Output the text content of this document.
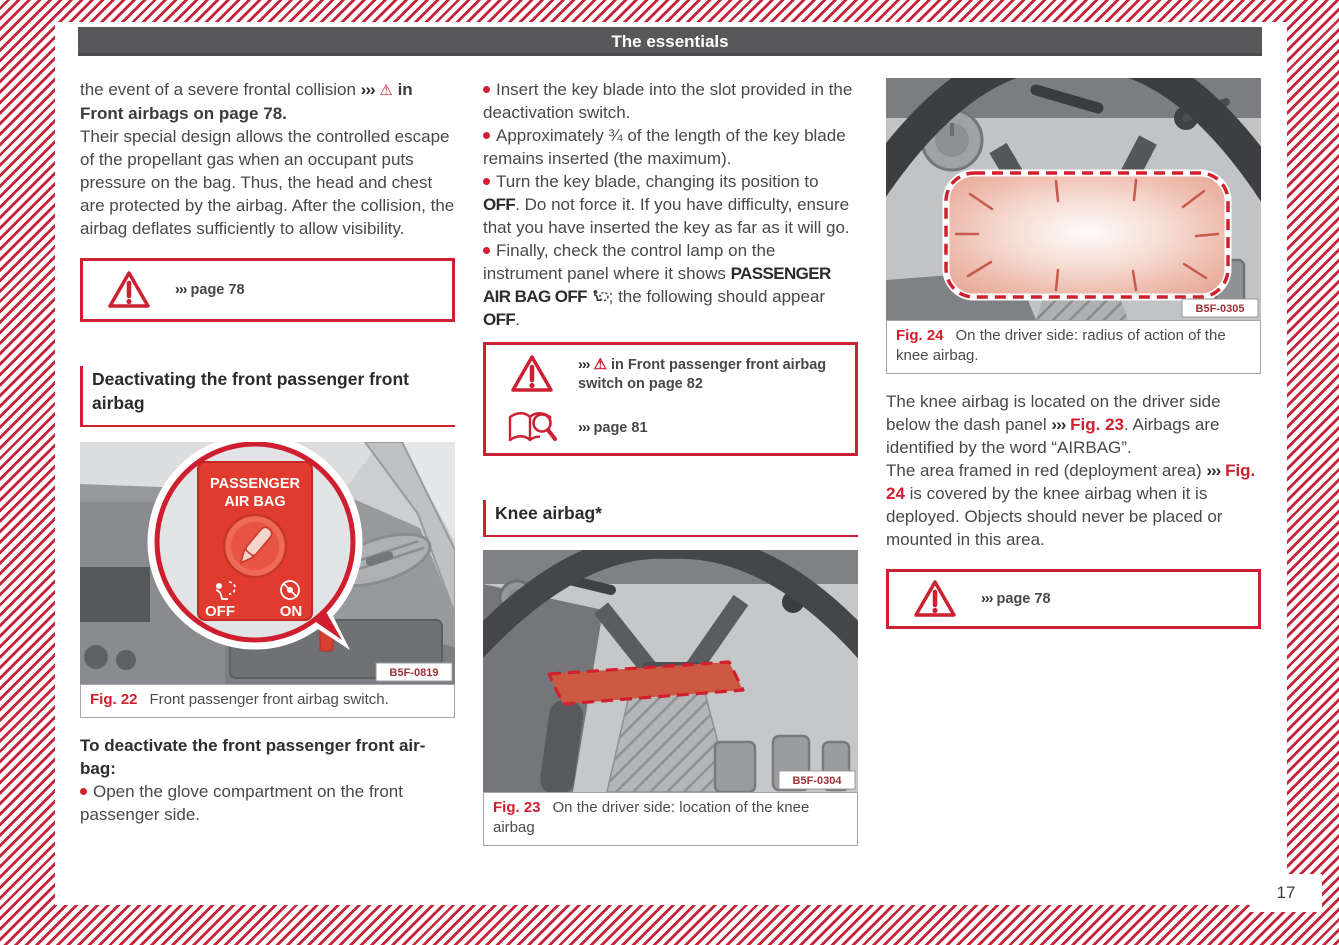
The essentials

the event of a severe frontal collision ››› ⚠ in Front airbags on page 78.

Their special design allows the controlled escape of the propellant gas when an occupant puts pressure on the bag. Thus, the head and chest are protected by the airbag. After the collision, the airbag deflates sufficiently to allow visibility.

››› page 78
Deactivating the front passenger front airbag
PASSENGER
AIR BAG
OFF	ON
B5F-0819
Fig. 22 Front passenger front airbag switch.

To deactivate the front passenger front air-bag:

Open the glove compartment on the front passenger side.

Insert the key blade into the slot provided in the deactivation switch.

Approximately ¾ of the length of the key blade remains inserted (the maximum).

Turn the key blade, changing its position to OFF. Do not force it. If you have difficulty, ensure that you have inserted the key as far as it will go.

Finally, check the control lamp on the instrument panel where it shows PASSENGER AIR BAG OFF ; the following should appear OFF.

››› ⚠ in Front passenger front airbag switch on page 82
››› page 81
Knee airbag*
B5F-0304
Fig. 23 On the driver side: location of the knee airbag
B5F-0305
Fig. 24 On the driver side: radius of action of the knee airbag.

The knee airbag is located on the driver side below the dash panel ››› Fig. 23. Airbags are identified by the word “AIRBAG”.

The area framed in red (deployment area) ››› Fig. 24 is covered by the knee airbag when it is deployed. Objects should never be placed or mounted in this area.

››› page 78
17
